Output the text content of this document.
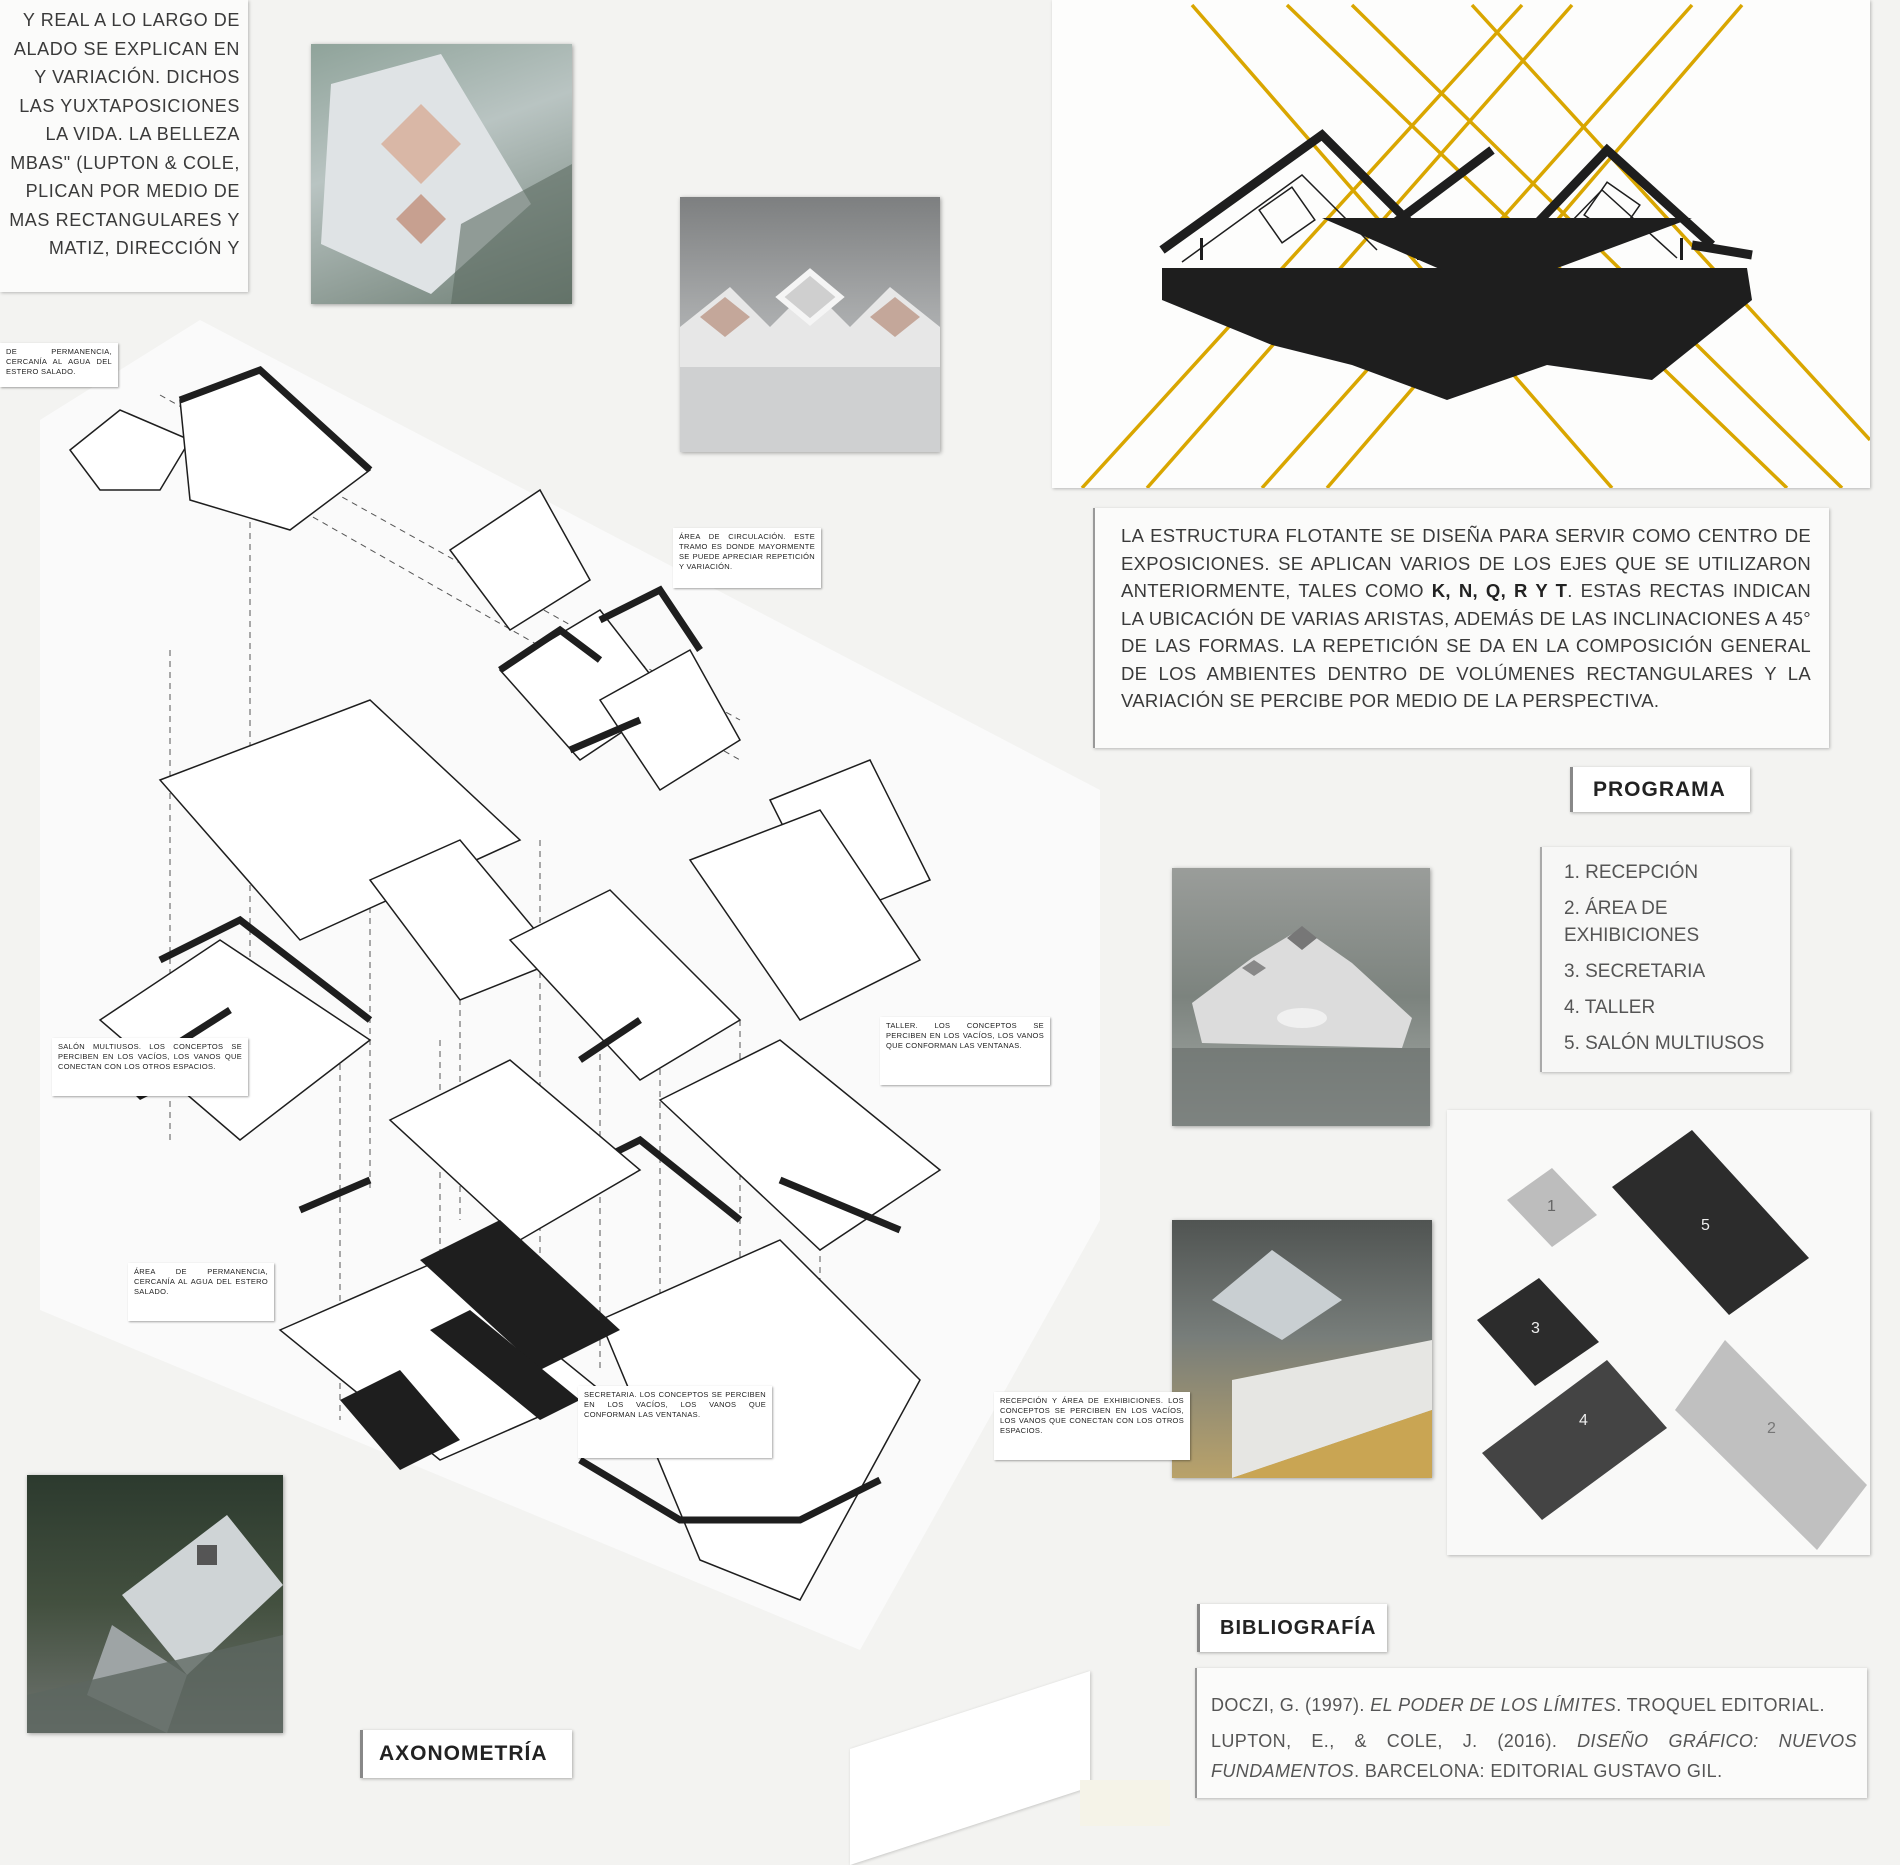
Y REAL A LO LARGO DE
ALADO SE EXPLICAN EN
Y VARIACIÓN. DICHOS
LAS YUXTAPOSICIONES
LA VIDA. LA BELLEZA
MBAS" (LUPTON & COLE,
PLICAN POR MEDIO DE
MAS RECTANGULARES Y
MATIZ, DIRECCIÓN Y
LA ESTRUCTURA FLOTANTE SE DISEÑA PARA SERVIR COMO CENTRO DE EXPOSICIONES. SE APLICAN VARIOS DE LOS EJES QUE SE UTILIZARON ANTERIORMENTE, TALES COMO K, N, Q, R Y T. ESTAS RECTAS INDICAN LA UBICACIÓN DE VARIAS ARISTAS, ADEMÁS DE LAS INCLINACIONES A 45° DE LAS FORMAS. LA REPETICIÓN SE DA EN LA COMPOSICIÓN GENERAL DE LOS AMBIENTES DENTRO DE VOLÚMENES RECTANGULARES Y LA VARIACIÓN SE PERCIBE POR MEDIO DE LA PERSPECTIVA.
PROGRAMA
1. RECEPCIÓN
2. ÁREA DE EXHIBICIONES
3. SECRETARIA
4. TALLER
5. SALÓN MULTIUSOS
1
5
3
4	2
BIBLIOGRAFÍA
DOCZI, G. (1997). EL PODER DE LOS LÍMITES. TROQUEL EDITORIAL.
LUPTON, E., & COLE, J. (2016). DISEÑO GRÁFICO: NUEVOS FUNDAMENTOS. BARCELONA: EDITORIAL GUSTAVO GIL.
DE PERMANENCIA, CERCANÍA AL AGUA DEL ESTERO SALADO.
ÁREA DE CIRCULACIÓN. ESTE TRAMO ES DONDE MAYORMENTE SE PUEDE APRECIAR REPETICIÓN Y VARIACIÓN.
SALÓN MULTIUSOS. LOS CONCEPTOS SE PERCIBEN EN LOS VACÍOS, LOS VANOS QUE CONECTAN CON LOS OTROS ESPACIOS.
TALLER. LOS CONCEPTOS SE PERCIBEN EN LOS VACÍOS, LOS VANOS QUE CONFORMAN LAS VENTANAS.
ÁREA DE PERMANENCIA, CERCANÍA AL AGUA DEL ESTERO SALADO.
SECRETARIA. LOS CONCEPTOS SE PERCIBEN EN LOS VACÍOS, LOS VANOS QUE CONFORMAN LAS VENTANAS.
RECEPCIÓN Y ÁREA DE EXHIBICIONES. LOS CONCEPTOS SE PERCIBEN EN LOS VACÍOS, LOS VANOS QUE CONECTAN CON LOS OTROS ESPACIOS.
AXONOMETRÍA
